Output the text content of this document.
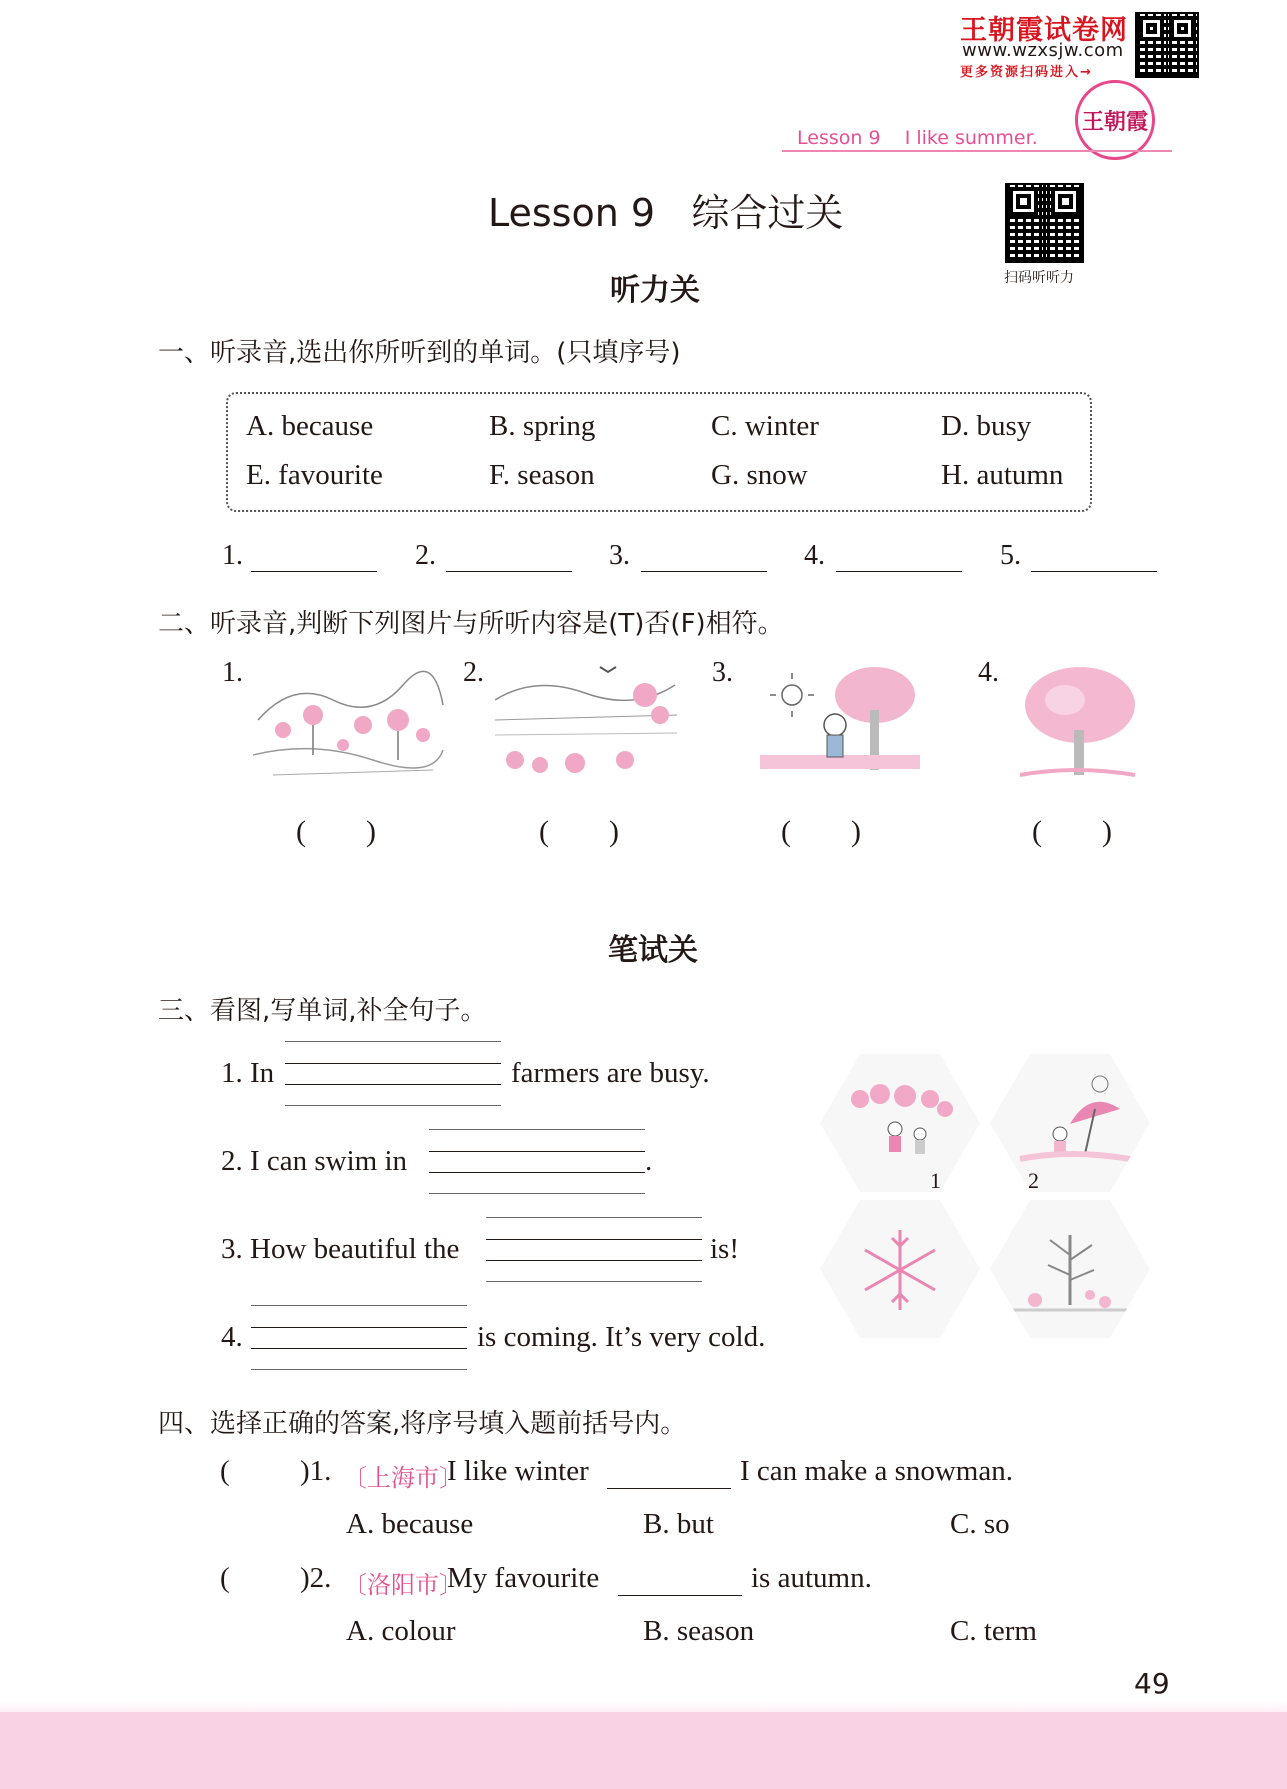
王朝霞试卷网
www.wzxsjw.com
更多资源扫码进入→
王朝霞
Lesson 9 I like summer.
Lesson 9 综合过关
扫码听听力
听力关
一、听录音,选出你所听到的单词。(只填序号)
A. because	B. spring	C. winter	D. busy
E. favourite	F. season	G. snow	H. autumn
1.	2.	3.	4.	5.
二、听录音,判断下列图片与所听内容是(T)否(F)相符。
1.	2.	3.	4.
(        )	(        )	(        )	(        )
笔试关
三、看图,写单词,补全句子。
1. In	farmers are busy.
2. I can swim in	.
3. How beautiful the	is!
4.	is coming. It’s very cold.
1	2
四、选择正确的答案,将序号填入题前括号内。
( )1. 〔上海市〕
I like winter	I can make a snowman.
A. because	B. but	C. so
( )2. 〔洛阳市〕
My favourite	is autumn.
A. colour	B. season	C. term
49
